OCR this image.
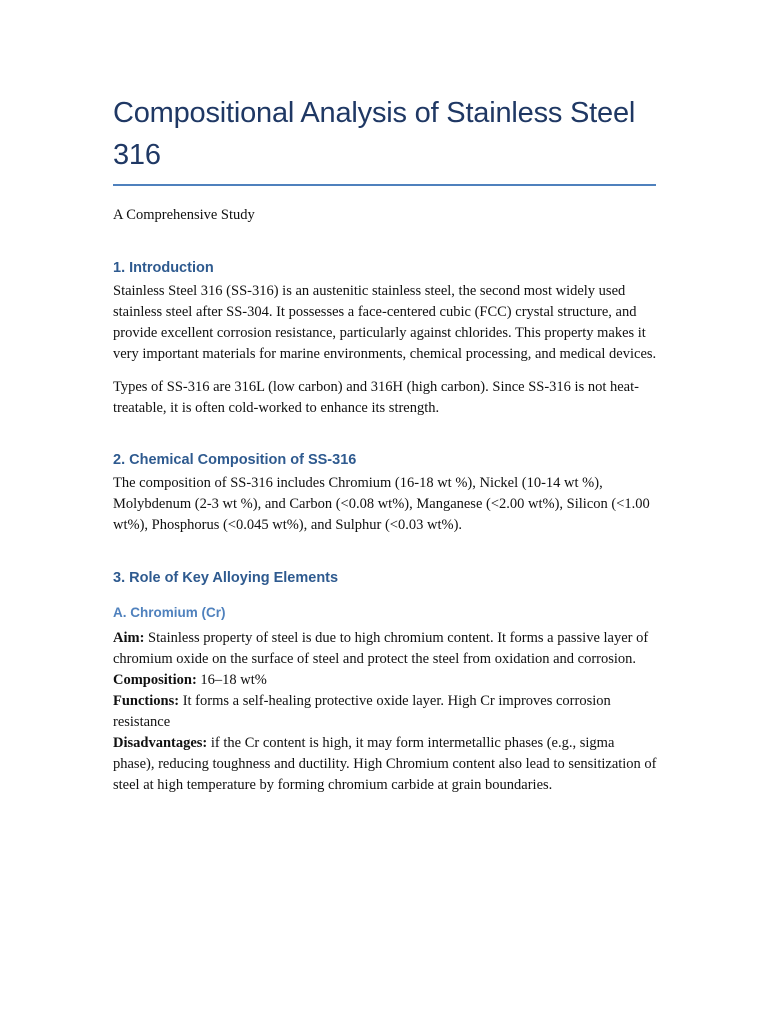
Compositional Analysis of Stainless Steel 316

A Comprehensive Study

1. Introduction

Stainless Steel 316 (SS-316) is an austenitic stainless steel, the second most widely used stainless steel after SS-304. It possesses a face-centered cubic (FCC) crystal structure, and provide excellent corrosion resistance, particularly against chlorides. This property makes it very important materials for marine environments, chemical processing, and medical devices.

Types of SS-316 are 316L (low carbon) and 316H (high carbon). Since SS-316 is not heat-treatable, it is often cold-worked to enhance its strength.

2. Chemical Composition of SS-316

The composition of SS-316 includes Chromium (16-18 wt %), Nickel (10-14 wt %), Molybdenum (2-3 wt %), and Carbon (<0.08 wt%), Manganese (<2.00 wt%), Silicon (<1.00 wt%), Phosphorus (<0.045 wt%), and Sulphur (<0.03 wt%).

3. Role of Key Alloying Elements
A. Chromium (Cr)

Aim: Stainless property of steel is due to high chromium content. It forms a passive layer of chromium oxide on the surface of steel and protect the steel from oxidation and corrosion.

Composition: 16–18 wt%

Functions: It forms a self-healing protective oxide layer. High Cr improves corrosion resistance

Disadvantages: if the Cr content is high, it may form intermetallic phases (e.g., sigma phase), reducing toughness and ductility. High Chromium content also lead to sensitization of steel at high temperature by forming chromium carbide at grain boundaries.
